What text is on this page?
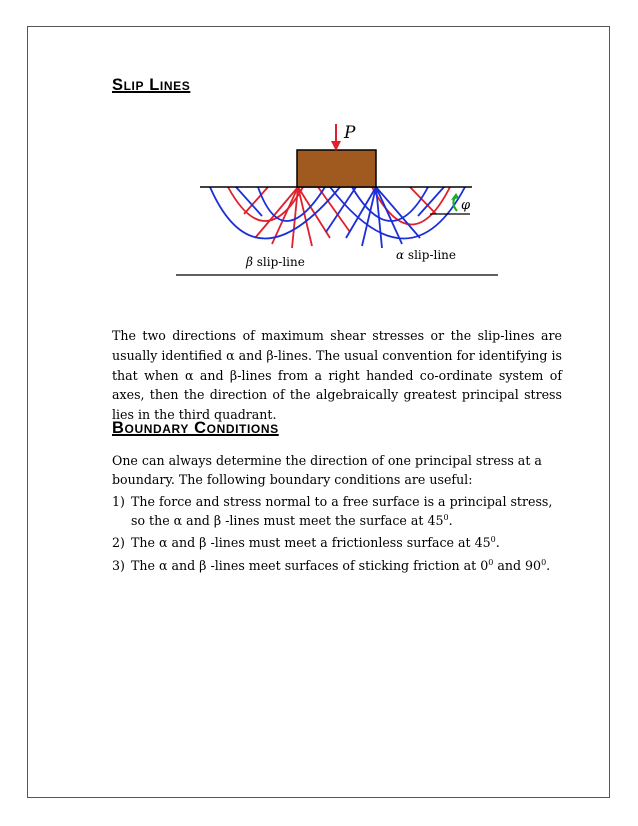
Slip Lines
P
φ
β slip-line	α slip-line

The two directions of maximum shear stresses or the slip-lines are usually identified α and β-lines. The usual convention for identifying is that when α and β-lines from a right handed co-ordinate system of axes, then the direction of the algebraically greatest principal stress lies in the third quadrant.

Boundary Conditions

One can always determine the direction of one principal stress at a boundary. The following boundary conditions are useful:

1) The force and stress normal to a free surface is a principal stress, so the α and β -lines must meet the surface at $45^0$.
2) The α and β -lines must meet a frictionless surface at $45^0$.
3) The α and β -lines meet surfaces of sticking friction at $0^0$ and $90^0$.
